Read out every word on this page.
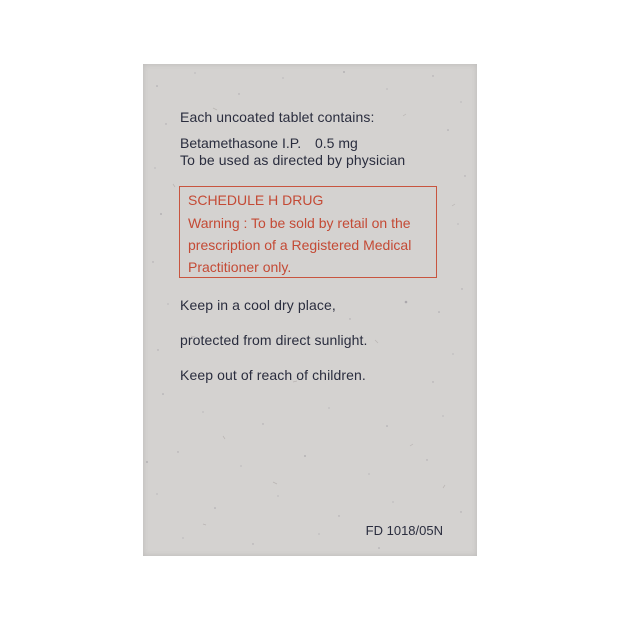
Each uncoated tablet contains:
Betamethasone I.P. 0.5 mg
To be used as directed by physician
SCHEDULE H DRUG
Warning : To be sold by retail on the
prescription of a Registered Medical
Practitioner only.
Keep in a cool dry place,
protected from direct sunlight.
Keep out of reach of children.
FD 1018/05N
